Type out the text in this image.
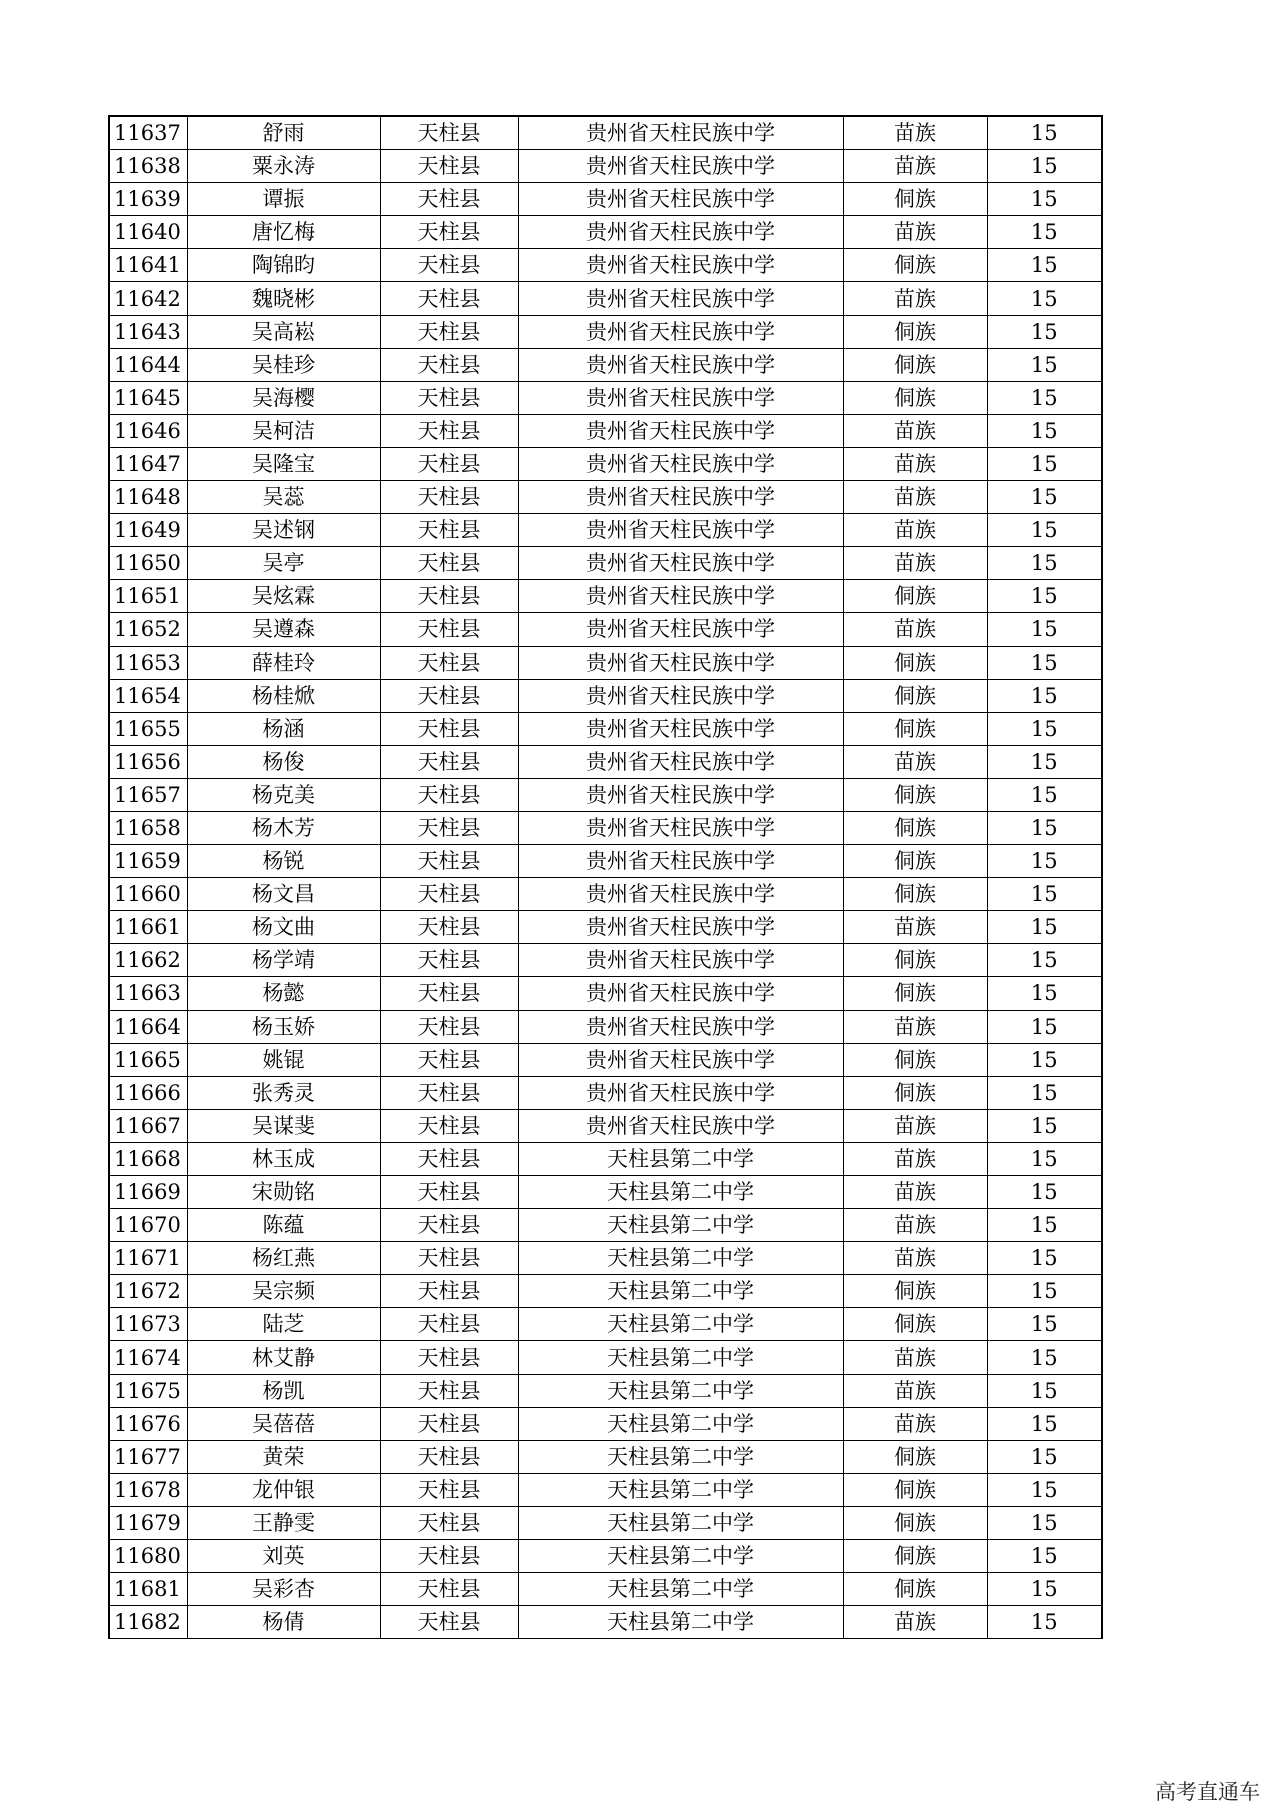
11637	舒雨	天柱县	贵州省天柱民族中学	苗族	15
11638	粟永涛	天柱县	贵州省天柱民族中学	苗族	15
11639	谭振	天柱县	贵州省天柱民族中学	侗族	15
11640	唐忆梅	天柱县	贵州省天柱民族中学	苗族	15
11641	陶锦昀	天柱县	贵州省天柱民族中学	侗族	15
11642	魏晓彬	天柱县	贵州省天柱民族中学	苗族	15
11643	吴高崧	天柱县	贵州省天柱民族中学	侗族	15
11644	吴桂珍	天柱县	贵州省天柱民族中学	侗族	15
11645	吴海樱	天柱县	贵州省天柱民族中学	侗族	15
11646	吴柯洁	天柱县	贵州省天柱民族中学	苗族	15
11647	吴隆宝	天柱县	贵州省天柱民族中学	苗族	15
11648	吴蕊	天柱县	贵州省天柱民族中学	苗族	15
11649	吴述钢	天柱县	贵州省天柱民族中学	苗族	15
11650	吴亭	天柱县	贵州省天柱民族中学	苗族	15
11651	吴炫霖	天柱县	贵州省天柱民族中学	侗族	15
11652	吴遵森	天柱县	贵州省天柱民族中学	苗族	15
11653	薛桂玲	天柱县	贵州省天柱民族中学	侗族	15
11654	杨桂焮	天柱县	贵州省天柱民族中学	侗族	15
11655	杨涵	天柱县	贵州省天柱民族中学	侗族	15
11656	杨俊	天柱县	贵州省天柱民族中学	苗族	15
11657	杨克美	天柱县	贵州省天柱民族中学	侗族	15
11658	杨木芳	天柱县	贵州省天柱民族中学	侗族	15
11659	杨锐	天柱县	贵州省天柱民族中学	侗族	15
11660	杨文昌	天柱县	贵州省天柱民族中学	侗族	15
11661	杨文曲	天柱县	贵州省天柱民族中学	苗族	15
11662	杨学靖	天柱县	贵州省天柱民族中学	侗族	15
11663	杨懿	天柱县	贵州省天柱民族中学	侗族	15
11664	杨玉娇	天柱县	贵州省天柱民族中学	苗族	15
11665	姚锟	天柱县	贵州省天柱民族中学	侗族	15
11666	张秀灵	天柱县	贵州省天柱民族中学	侗族	15
11667	吴谋斐	天柱县	贵州省天柱民族中学	苗族	15
11668	林玉成	天柱县	天柱县第二中学	苗族	15
11669	宋勋铭	天柱县	天柱县第二中学	苗族	15
11670	陈蕴	天柱县	天柱县第二中学	苗族	15
11671	杨红燕	天柱县	天柱县第二中学	苗族	15
11672	吴宗频	天柱县	天柱县第二中学	侗族	15
11673	陆芝	天柱县	天柱县第二中学	侗族	15
11674	林艾静	天柱县	天柱县第二中学	苗族	15
11675	杨凯	天柱县	天柱县第二中学	苗族	15
11676	吴蓓蓓	天柱县	天柱县第二中学	苗族	15
11677	黄荣	天柱县	天柱县第二中学	侗族	15
11678	龙仲银	天柱县	天柱县第二中学	侗族	15
11679	王静雯	天柱县	天柱县第二中学	侗族	15
11680	刘英	天柱县	天柱县第二中学	侗族	15
11681	吴彩杏	天柱县	天柱县第二中学	侗族	15
11682	杨倩	天柱县	天柱县第二中学	苗族	15
高考直通车
